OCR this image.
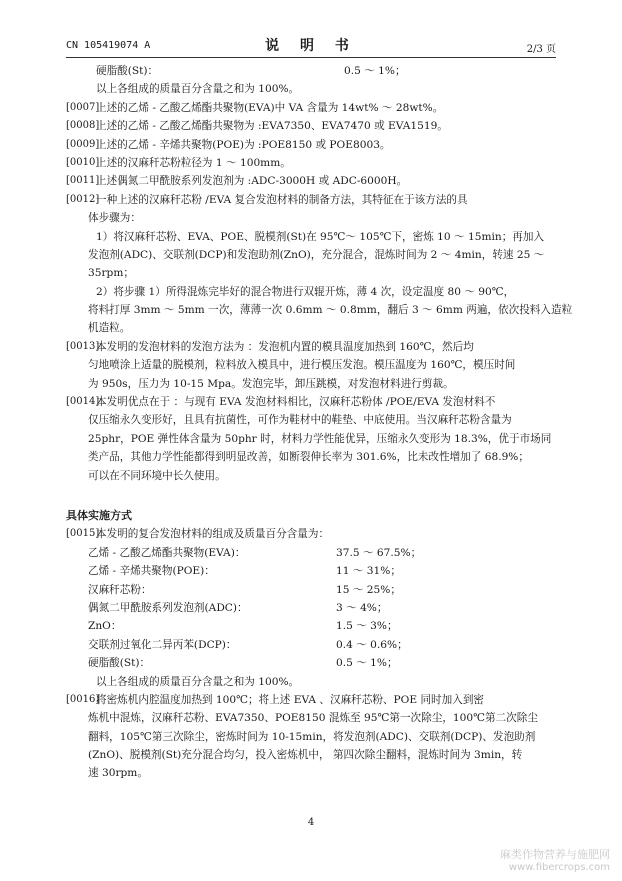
CN 105419074 A	说 明 书	2/3 页
硬脂酸(St)：	0.5 ～ 1%；
以上各组成的质量百分含量之和为 100%。
[0007]
上述的乙烯 - 乙酸乙烯酯共聚物(EVA)中 VA 含量为 14wt% ～ 28wt%。
[0008]
上述的乙烯 - 乙酸乙烯酯共聚物为 :EVA7350、EVA7470 或 EVA1519。
[0009]
上述的乙烯 - 辛烯共聚物(POE)为 :POE8150 或 POE8003。
[0010]
上述的汉麻秆芯粉粒径为 1 ～ 100mm。
[0011]
上述偶氮二甲酰胺系列发泡剂为 :ADC-3000H 或 ADC-6000H。
[0012]
一种上述的汉麻秆芯粉 /EVA 复合发泡材料的制备方法，其特征在于该方法的具
体步骤为：
1）将汉麻秆芯粉、EVA、POE、脱模剂(St)在 95℃～ 105℃下，密炼 10 ～ 15min；再加入
发泡剂(ADC)、交联剂(DCP)和发泡助剂(ZnO)，充分混合，混炼时间为 2 ～ 4min，转速 25 ～
35rpm；
2）将步骤 1）所得混炼完毕好的混合物进行双辊开炼，薄 4 次，设定温度 80 ～ 90℃，
将料打厚 3mm ～ 5mm 一次，薄薄一次 0.6mm ～ 0.8mm，翻后 3 ～ 6mm 两遍，依次投料入造粒
机造粒。
[0013]
本发明的发泡材料的发泡方法为 ：发泡机内置的模具温度加热到 160℃，然后均
匀地喷涂上适量的脱模剂，粒料放入模具中，进行模压发泡。模压温度为 160℃，模压时间
为 950s，压力为 10-15 Mpa。发泡完毕，卸压跳模，对发泡材料进行剪裁。
[0014]
本发明优点在于 ：与现有 EVA 发泡材料相比，汉麻秆芯粉体 /POE/EVA 发泡材料不
仅压缩永久变形好，且具有抗菌性，可作为鞋材中的鞋垫、中底使用。当汉麻秆芯粉含量为
25phr，POE 弹性体含量为 50phr 时，材料力学性能优异，压缩永久变形为 18.3%，优于市场同
类产品，其他力学性能都得到明显改善，如断裂伸长率为 301.6%，比未改性增加了 68.9%；
可以在不同环境中长久使用。
具体实施方式
[0015]
本发明的复合发泡材料的组成及质量百分含量为：
乙烯 - 乙酸乙烯酯共聚物(EVA)：	37.5 ～ 67.5%；
乙烯 - 辛烯共聚物(POE)：	11 ～ 31%；
汉麻秆芯粉：	15 ～ 25%；
偶氮二甲酰胺系列发泡剂(ADC)：	3 ～ 4%；
ZnO：	1.5 ～ 3%；
交联剂过氧化二异丙苯(DCP)：	0.4 ～ 0.6%；
硬脂酸(St)：	0.5 ～ 1%；
以上各组成的质量百分含量之和为 100%。
[0016]
将密炼机内腔温度加热到 100℃；将上述 EVA 、汉麻秆芯粉、POE 同时加入到密
炼机中混炼，汉麻秆芯粉、EVA7350、POE8150 混炼至 95℃第一次除尘，100℃第二次除尘
翻料，105℃第三次除尘，密炼时间为 10-15min，将发泡剂(ADC)、交联剂(DCP)、发泡助剂
(ZnO)、脱模剂(St)充分混合均匀，投入密炼机中， 第四次除尘翻料，混炼时间为 3min，转
速 30rpm。
4
麻类作物营养与施肥网
www.fibercrops.com
